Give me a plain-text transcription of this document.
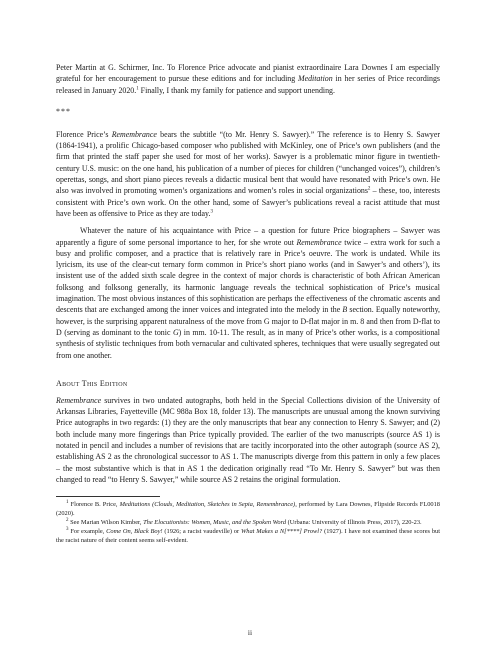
Peter Martin at G. Schirmer, Inc. To Florence Price advocate and pianist extraordinaire Lara Downes I am especially grateful for her encouragement to pursue these editions and for including Meditation in her series of Price recordings released in January 2020.$^1$ Finally, I thank my family for patience and support unending.

***

Florence Price’s Remembrance bears the subtitle “(to Mr. Henry S. Sawyer).” The reference is to Henry S. Sawyer (1864-1941), a prolific Chicago-based composer who published with McKinley, one of Price’s own publishers (and the firm that printed the staff paper she used for most of her works). Sawyer is a problematic minor figure in twentieth-century U.S. music: on the one hand, his publication of a number of pieces for children (“unchanged voices”), children’s operettas, songs, and short piano pieces reveals a didactic musical bent that would have resonated with Price’s own. He also was involved in promoting women’s organizations and women’s roles in social organizations$^2$ – these, too, interests consistent with Price’s own work. On the other hand, some of Sawyer’s publications reveal a racist attitude that must have been as offensive to Price as they are today.$^3$

Whatever the nature of his acquaintance with Price – a question for future Price biographers – Sawyer was apparently a figure of some personal importance to her, for she wrote out Remembrance twice – extra work for such a busy and prolific composer, and a practice that is relatively rare in Price’s oeuvre. The work is undated. While its lyricism, its use of the clear-cut ternary form common in Price’s short piano works (and in Sawyer’s and others’), its insistent use of the added sixth scale degree in the context of major chords is characteristic of both African American folksong and folksong generally, its harmonic language reveals the technical sophistication of Price’s musical imagination. The most obvious instances of this sophistication are perhaps the effectiveness of the chromatic ascents and descents that are exchanged among the inner voices and integrated into the melody in the B section. Equally noteworthy, however, is the surprising apparent naturalness of the move from G major to D-flat major in m. 8 and then from D-flat to D (serving as dominant to the tonic G) in mm. 10-11. The result, as in many of Price’s other works, is a compositional synthesis of stylistic techniques from both vernacular and cultivated spheres, techniques that were usually segregated out from one another.

About This Edition

Remembrance survives in two undated autographs, both held in the Special Collections division of the University of Arkansas Libraries, Fayetteville (MC 988a Box 18, folder 13). The manuscripts are unusual among the known surviving Price autographs in two regards: (1) they are the only manuscripts that bear any connection to Henry S. Sawyer; and (2) both include many more fingerings than Price typically provided. The earlier of the two manuscripts (source AS 1) is notated in pencil and includes a number of revisions that are tacitly incorporated into the other autograph (source AS 2), establishing AS 2 as the chronological successor to AS 1. The manuscripts diverge from this pattern in only a few places – the most substantive which is that in AS 1 the dedication originally read “To Mr. Henry S. Sawyer” but was then changed to read “to Henry S. Sawyer,” while source AS 2 retains the original formulation.

$^1$ Florence B. Price, Meditations (Clouds, Meditation, Sketches in Sepia, Remembrance), performed by Lara Downes, Flipside Records FL0018 (2020).

$^2$ See Marian Wilson Kimber, The Elocutionists: Women, Music, and the Spoken Word (Urbana: University of Illinois Press, 2017), 220-23.

$^3$ For example, Come On, Black Boy! (1926; a racist vaudeville) or What Makes a N[****] Prowl? (1927). I have not examined these scores but the racist nature of their content seems self-evident.

ii
